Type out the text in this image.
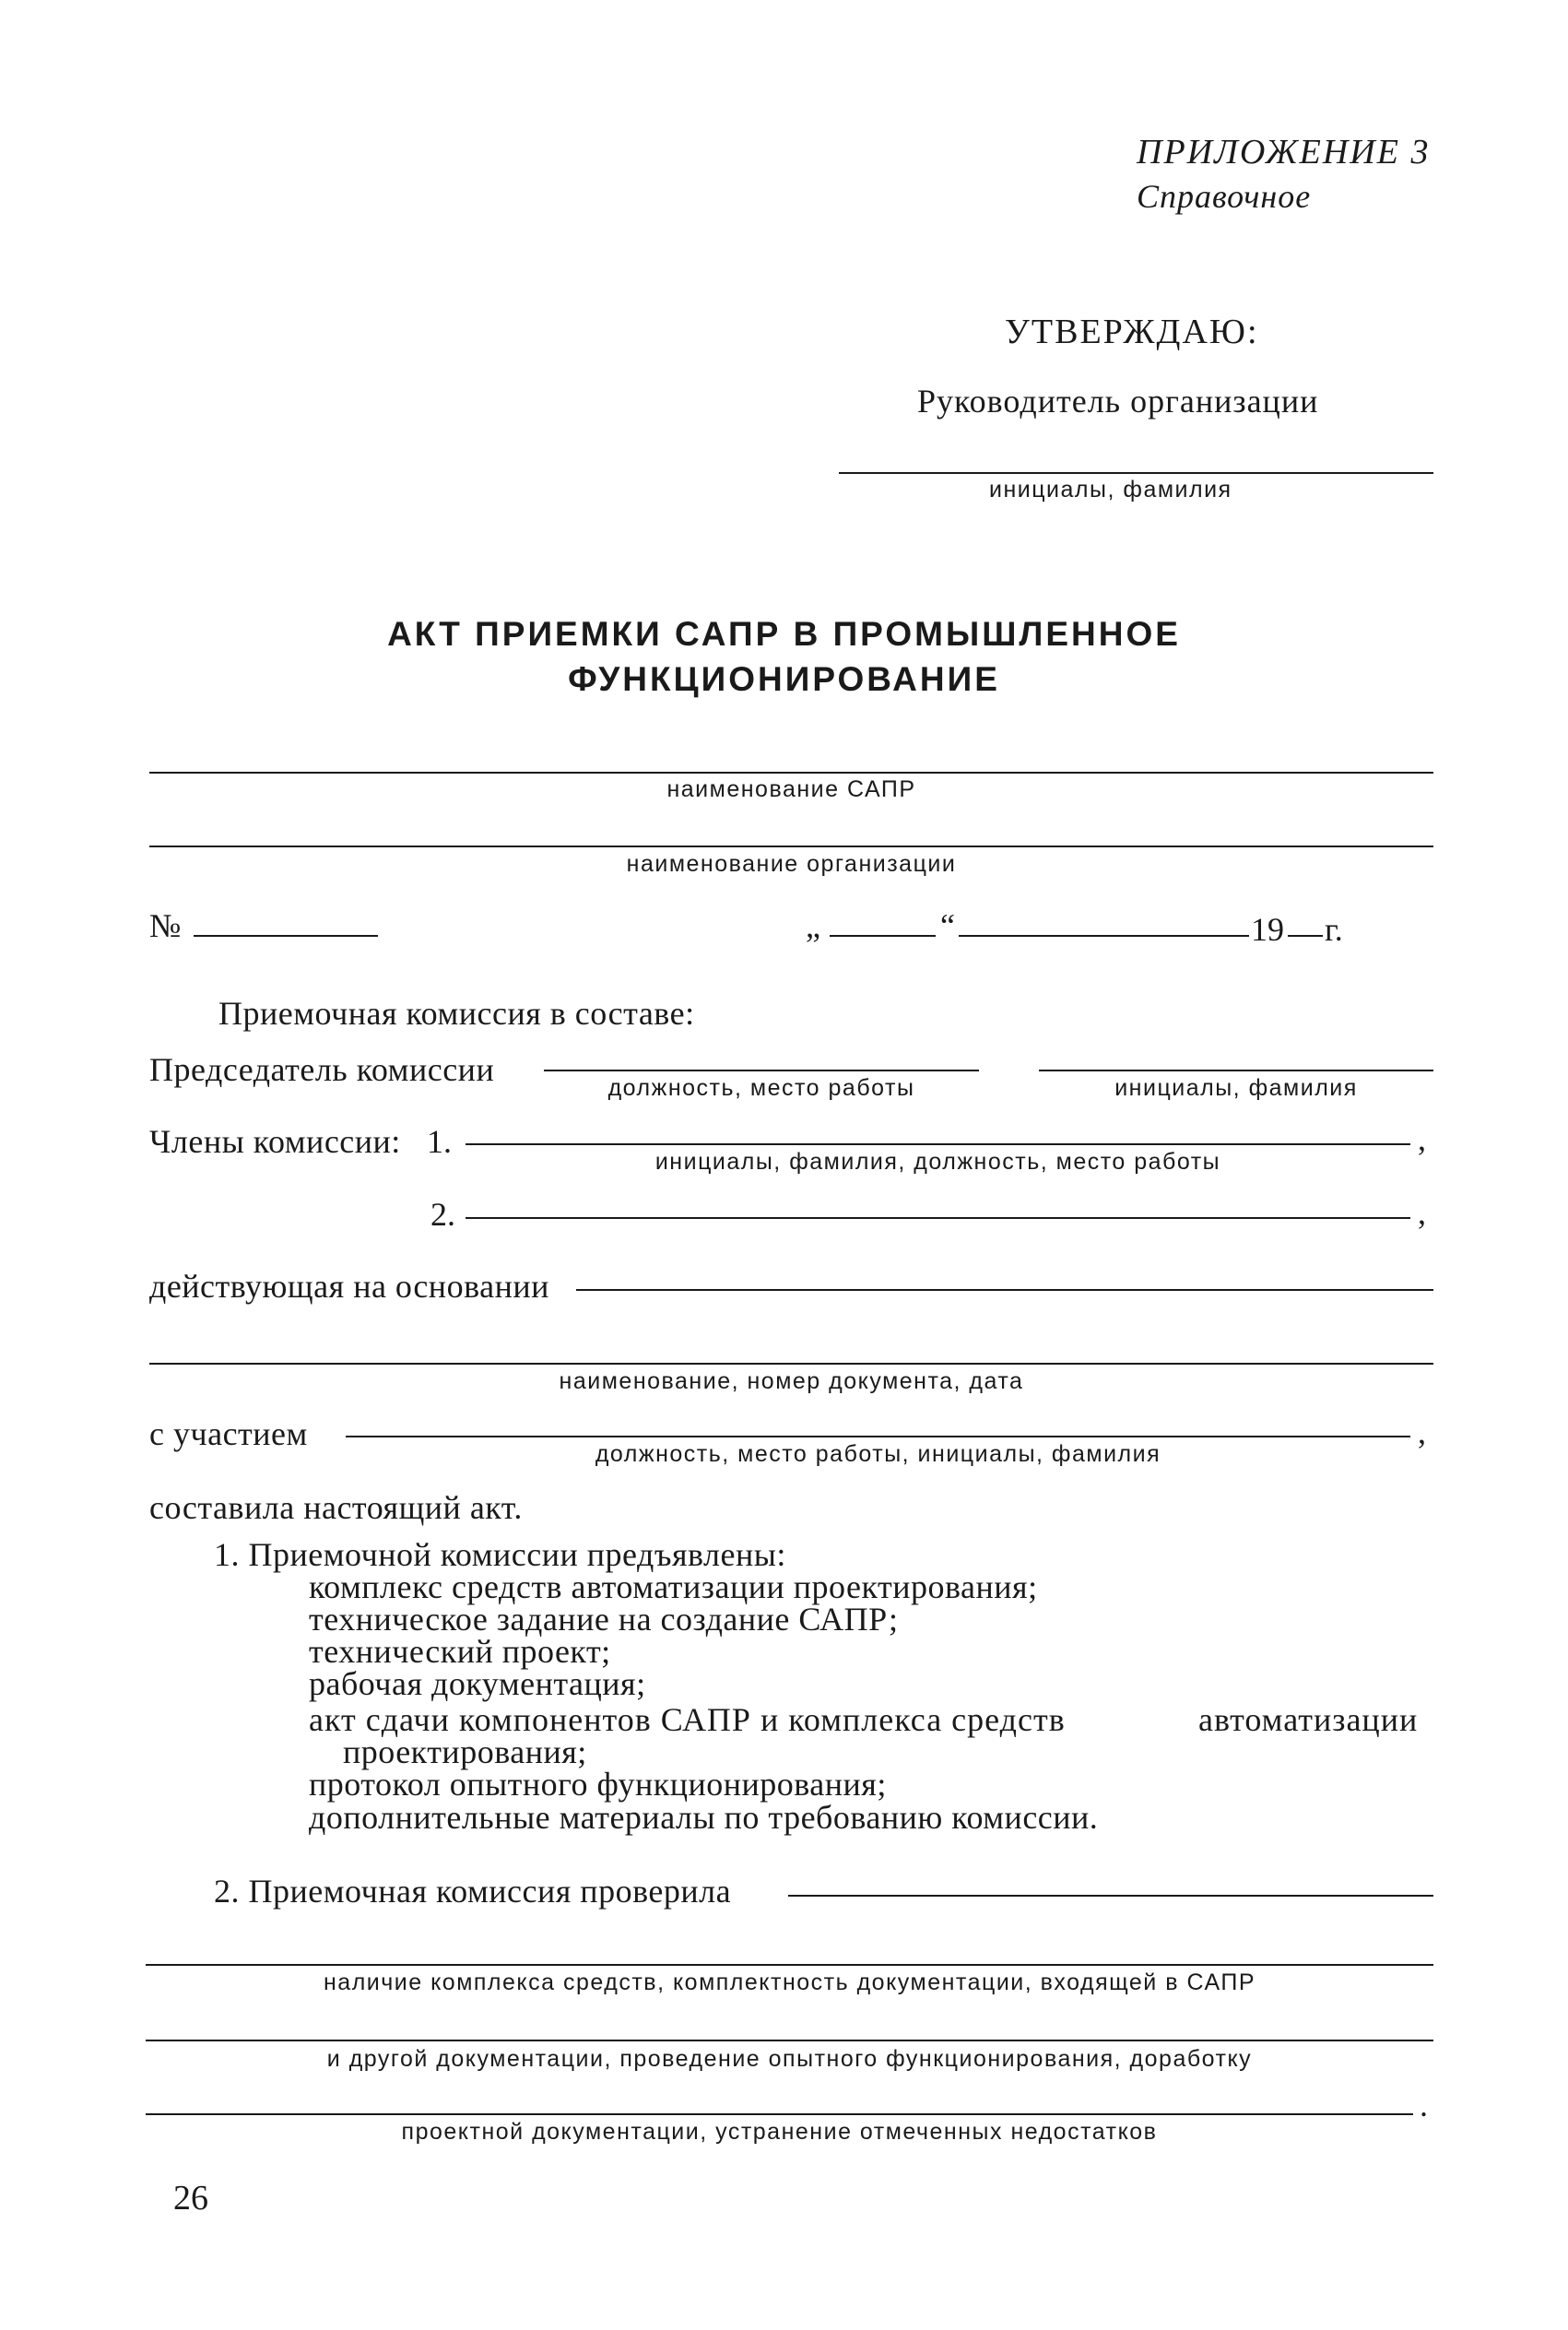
ПРИЛОЖЕНИЕ 3
Справочное
УТВЕРЖДАЮ:
Руководитель организации
инициалы, фамилия
АКТ ПРИЕМКИ САПР В ПРОМЫШЛЕННОЕ
ФУНКЦИОНИРОВАНИЕ
наименование САПР
наименование организации
№	„	“	19 г.
Приемочная комиссия в составе:
Председатель комиссии	должность, место работы	инициалы, фамилия
Члены комиссии: 1.	,
инициалы, фамилия, должность, место работы
2.	,
действующая на основании
наименование, номер документа, дата
с участием	,
должность, место работы, инициалы, фамилия
составила настоящий акт.
1. Приемочной комиссии предъявлены:
комплекс средств автоматизации проектирования;
техническое задание на создание САПР;
технический проект;
рабочая документация;
акт сдачи компонентов САПР и комплекса средств	автоматизации
проектирования;
протокол опытного функционирования;
дополнительные материалы по требованию комиссии.
2. Приемочная комиссия проверила
наличие комплекса средств, комплектность документации, входящей в САПР
и другой документации, проведение опытного функционирования, доработку
.
проектной документации, устранение отмеченных недостатков
26
